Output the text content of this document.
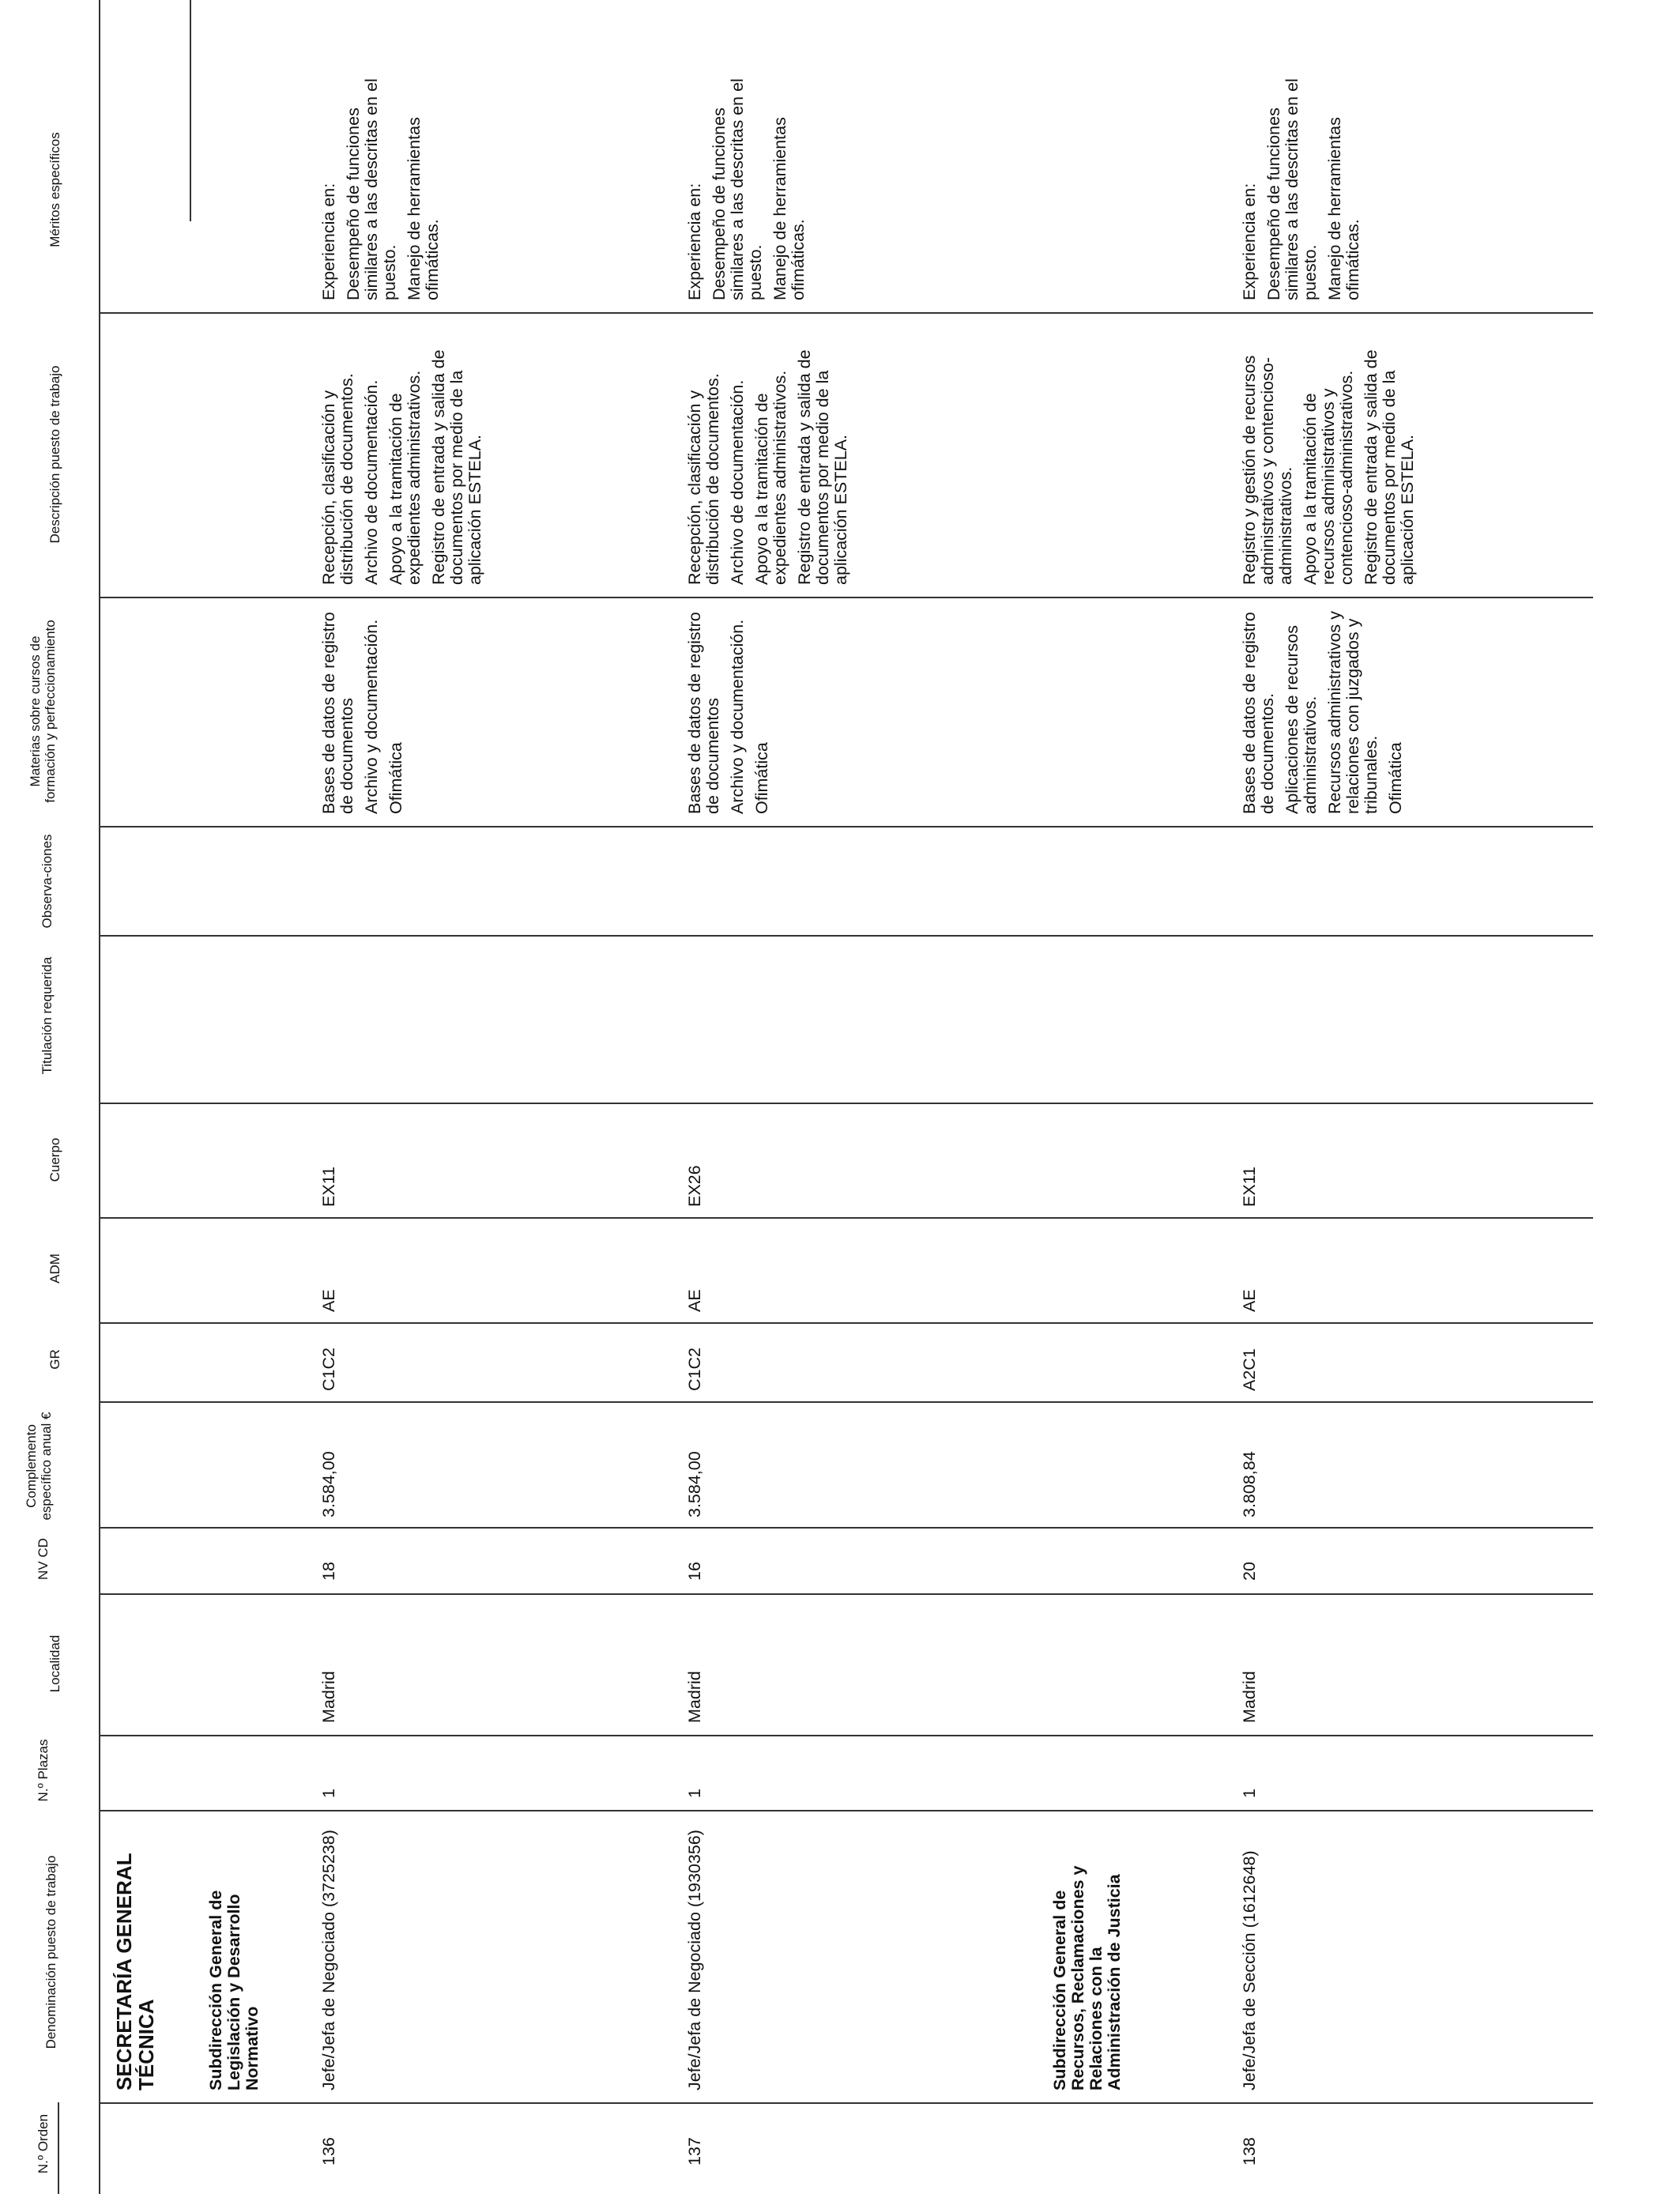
N.º Orden
Denominación puesto de trabajo
N.º Plazas
Localidad
NV CD
Complemento específico anual €
GR
ADM
Cuerpo
Titulación requerida
Observa-ciones
Materias sobre cursos de formación y perfeccionamiento
Descripción puesto de trabajo
Méritos específicos
SECRETARÍA GENERAL TÉCNICA	Subdirección General de Legislación y Desarrollo Normativo	Subdirección General de Recursos, Reclamaciones y Relaciones con la Administración de Justicia
136
Jefe/Jefa de Negociado (3725238)
1
Madrid
18
3.584,00
C1C2
AE
EX11

Bases de datos de registro de documentos Archivo y documentación. Ofimática

Recepción, clasificación y distribución de documentos. Archivo de documentación. Apoyo a la tramitación de expedientes administrativos. Registro de entrada y salida de documentos por medio de la aplicación ESTELA.

Experiencia en: Desempeño de funciones similares a las descritas en el puesto. Manejo de herramientas ofimáticas.

137
Jefe/Jefa de Negociado (1930356)
1
Madrid
16
3.584,00
C1C2
AE
EX26

Bases de datos de registro de documentos Archivo y documentación. Ofimática

Recepción, clasificación y distribución de documentos. Archivo de documentación. Apoyo a la tramitación de expedientes administrativos. Registro de entrada y salida de documentos por medio de la aplicación ESTELA.

Experiencia en: Desempeño de funciones similares a las descritas en el puesto. Manejo de herramientas ofimáticas.

138
Jefe/Jefa de Sección (1612648)
1
Madrid
20
3.808,84
A2C1
AE
EX11

Bases de datos de registro de documentos. Aplicaciones de recursos administrativos. Recursos administrativos y relaciones con juzgados y tribunales. Ofimática

Registro y gestión de recursos administrativos y contencioso-administrativos. Apoyo a la tramitación de recursos administrativos y contencioso-administrativos. Registro de entrada y salida de documentos por medio de la aplicación ESTELA.

Experiencia en: Desempeño de funciones similares a las descritas en el puesto. Manejo de herramientas ofimáticas.
